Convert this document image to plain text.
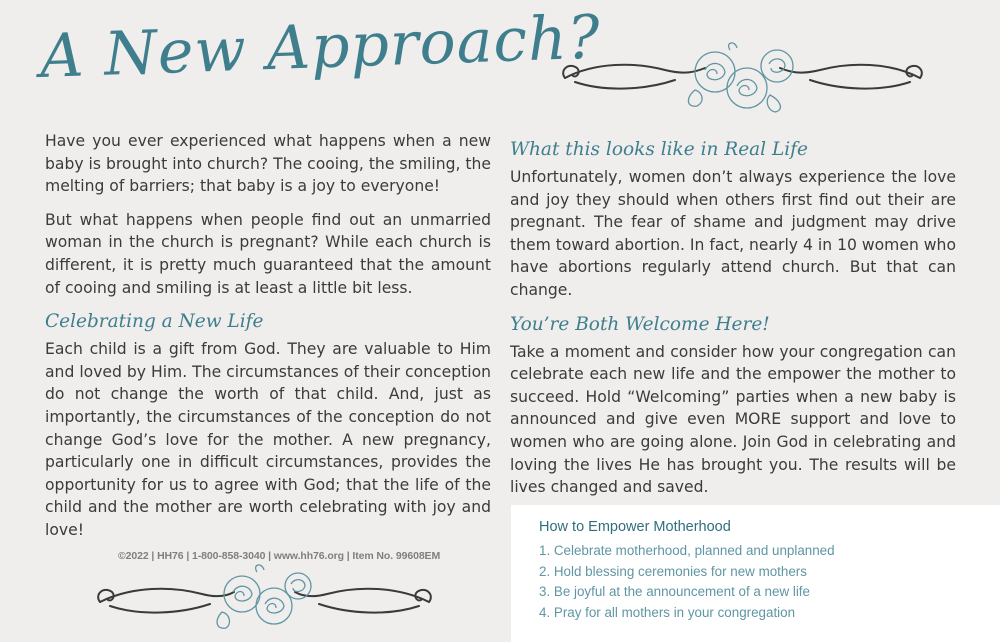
A New Approach?

Have you ever experienced what happens when a new baby is brought into church? The cooing, the smiling, the melting of barriers; that baby is a joy to everyone!

But what happens when people find out an unmarried woman in the church is pregnant? While each church is different, it is pretty much guaranteed that the amount of cooing and smiling is at least a little bit less.

Celebrating a New Life

Each child is a gift from God. They are valuable to Him and loved by Him. The circumstances of their conception do not change the worth of that child. And, just as importantly, the circumstances of the conception do not change God’s love for the mother. A new pregnancy, particularly one in difficult circumstances, provides the opportunity for us to agree with God; that the life of the child and the mother are worth celebrating with joy and love!

What this looks like in Real Life

Unfortunately, women don’t always experience the love and joy they should when others first find out their are pregnant. The fear of shame and judgment may drive them toward abortion. In fact, nearly 4 in 10 women who have abortions regularly attend church. But that can change.

You’re Both Welcome Here!

Take a moment and consider how your congregation can celebrate each new life and the empower the mother to succeed. Hold “Welcoming” parties when a new baby is announced and give even MORE support and love to women who are going alone. Join God in celebrating and loving the lives He has brought you. The results will be lives changed and saved.

©2022 | HH76 | 1-800-858-3040 | www.hh76.org | Item No. 99608EM
How to Empower Motherhood
1. Celebrate motherhood, planned and unplanned
2. Hold blessing ceremonies for new mothers
3. Be joyful at the announcement of a new life
4. Pray for all mothers in your congregation
